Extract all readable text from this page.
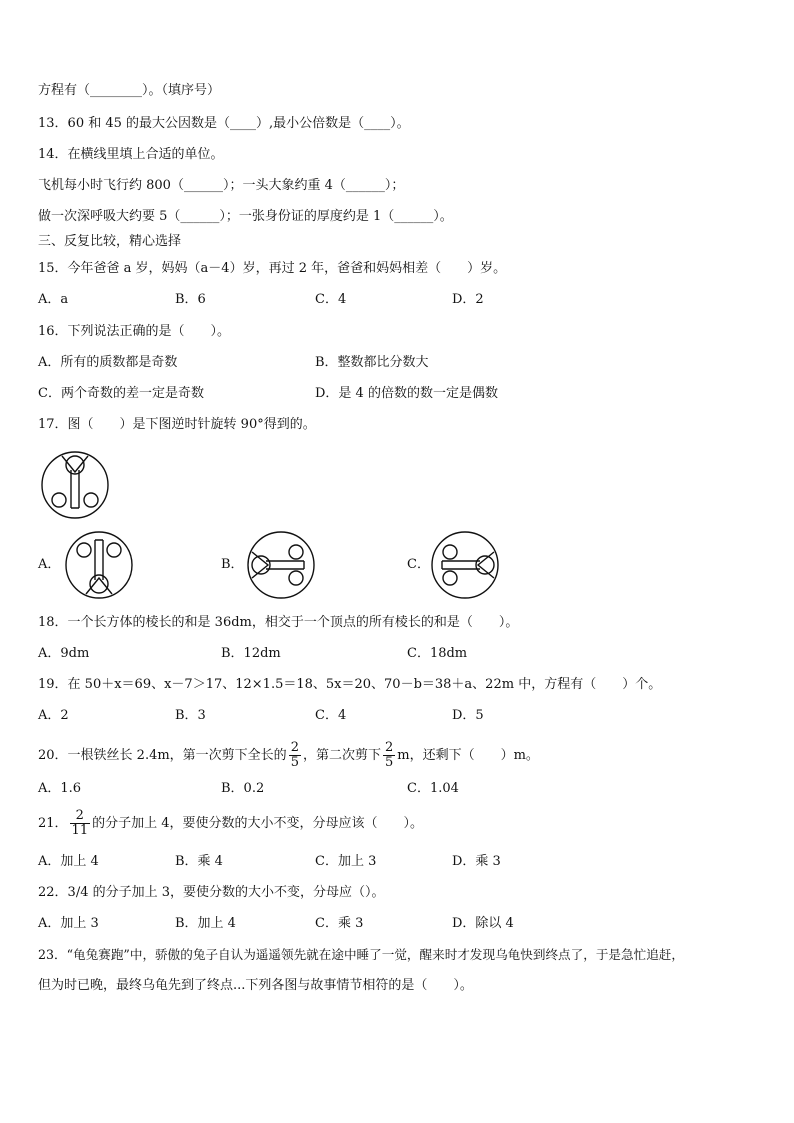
方程有（________）。（填序号）
13．60 和 45 的最大公因数是（____）,最小公倍数是（____）。
14．在横线里填上合适的单位。
飞机每小时飞行约 800（______）；一头大象约重 4（______）；
做一次深呼吸大约要 5（______）；一张身份证的厚度约是 1（______）。
三、反复比较，精心选择
15．今年爸爸 a 岁，妈妈（a－4）岁，再过 2 年，爸爸和妈妈相差（　　）岁。
A．a	B．6	C．4	D．2
16．下列说法正确的是（　　）。
A．所有的质数都是奇数	B．整数都比分数大
C．两个奇数的差一定是奇数	D．是 4 的倍数的数一定是偶数
17．图（　　）是下图逆时针旋转 90°得到的。
A．	B．	C．
18．一个长方体的棱长的和是 36dm，相交于一个顶点的所有棱长的和是（　　）。
A．9dm	B．12dm	C．18dm
19．在 50＋x＝69、x－7＞17、12×1.5＝18、5x＝20、70－b＝38＋a、22m 中，方程有（　　）个。
A．2	B．3	C．4	D．5
20．一根铁丝长 2.4m，第一次剪下全长的 $\frac{2}{5}$ ，第二次剪下 $\frac{2}{5}$ m，还剩下（　　）m。
A．1.6	B．0.2	C．1.04
21． $\frac{2}{11}$ 的分子加上 4，要使分数的大小不变，分母应该（　　）。
A．加上 4	B．乘 4	C．加上 3	D．乘 3
22．3/4 的分子加上 3，要使分数的大小不变，分母应（）。
A．加上 3	B．加上 4	C．乘 3	D．除以 4
23．“龟兔赛跑”中，骄傲的兔子自认为遥遥领先就在途中睡了一觉，醒来时才发现乌龟快到终点了，于是急忙追赶，
但为时已晚，最终乌龟先到了终点...下列各图与故事情节相符的是（　　）。
